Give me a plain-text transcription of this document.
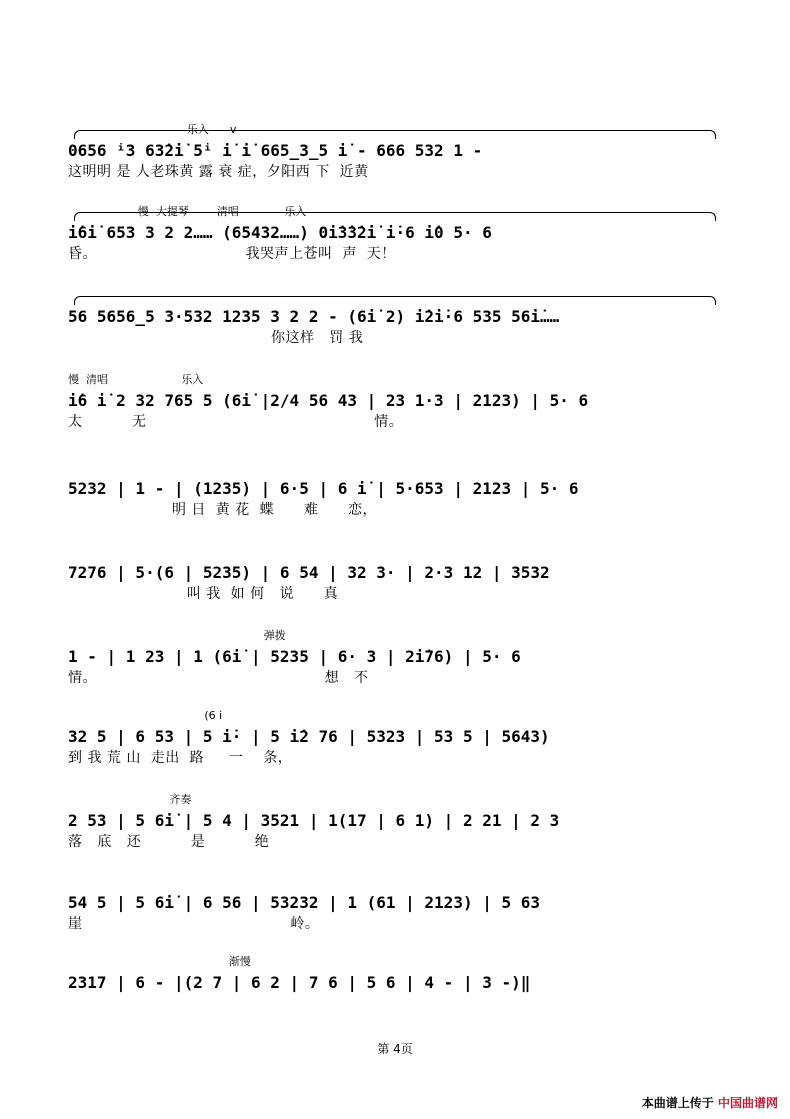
乐入      v
0656 ⁱ3 63̇2̇i̇ 5ⁱ i̇ i̇ 665̲3̲5 i̇ - 666 532 1 -
这明明 是 人老珠黄 露 衰 症，夕阳西 下  近黄
慢  大提琴        清唱             乐入
i̇6i̇ 653 3 2 2…… (65432……) 0i̇3̇3̇2̇i̇ i̇·6 i̇0 5· 6
昏。                              我哭声上苍叫  声  天！
56 5656̲5 3·532 1235 3 2 2 - (6i̇ 2) i̇2i̇·6 535 56i̇……
你这样   罚 我
慢  清唱                     乐入
i̇6 i̇ 2 32 765 5 (6i̇ |2/4 56 43 | 23 1·3 | 2123) | 5· 6
太          无                                              情。
5232 | 1 - | (1235) | 6·5 | 6 i̇ | 5·653 | 2123 | 5· 6
明 日  黄 花  蝶      难      恋，
7276 | 5·(6 | 5235) | 6 54 | 32 3· | 2·3 12 | 3532
叫 我  如 何   说      真
弹拨
1 - | 1 23 | 1 (6i̇ | 5235 | 6· 3 | 2i̇76) | 5· 6
情。                                              想   不
(6 i̇
32 5 | 6 53 | 5 i̇· | 5 i̇2 76 | 5323 | 53 5 | 5643)
到 我 荒 山  走出  路     一    条，
齐奏
2 53 | 5 6i̇ | 5 4 | 3521 | 1(17 | 6 1) | 2 21 | 2 3
落   底   还          是          绝
54 5 | 5 6i̇ | 6 56 | 53232 | 1 (61 | 2123) | 5 63
崖                                          岭。
渐慢
2317 | 6 - |(2 7 | 6 2 | 7 6 | 5 6 | 4 - | 3 -)‖
第 4页
本曲谱上传于 中国曲谱网
